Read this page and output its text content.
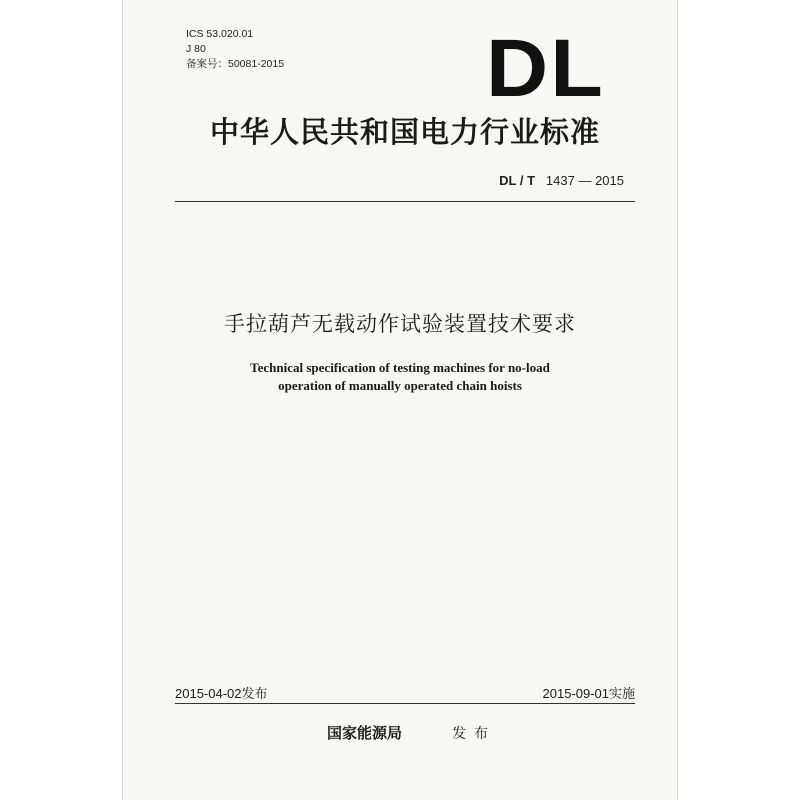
ICS 53.020.01
J 80
备案号：50081-2015 DL
中华人民共和国电力行业标准
DL / T 1437 — 2015
手拉葫芦无载动作试验装置技术要求
Technical specification of testing machines for no-load
operation of manually operated chain hoists
2015-04-02发布	2015-09-01实施
国家能源局	发布
